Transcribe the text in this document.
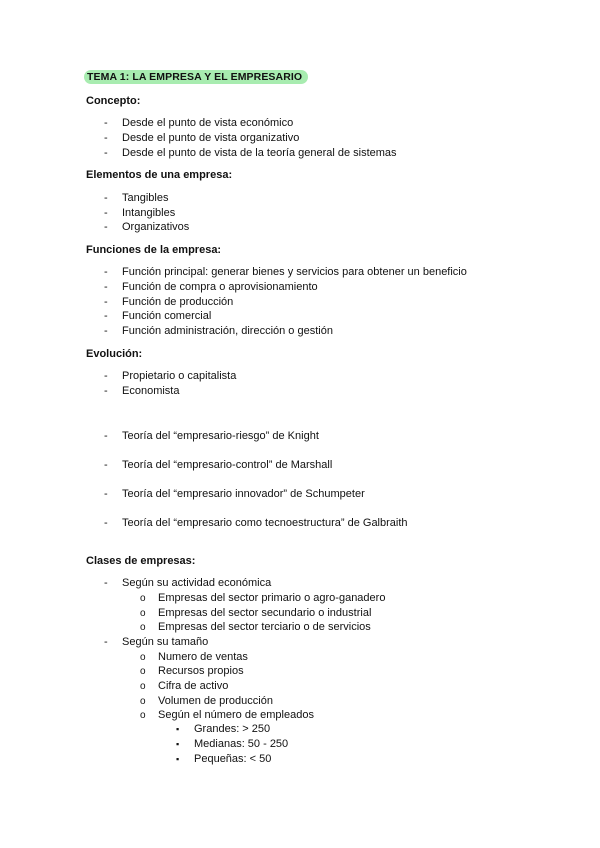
TEMA 1: LA EMPRESA Y EL EMPRESARIO
Concepto:
- Desde el punto de vista económico
- Desde el punto de vista organizativo
- Desde el punto de vista de la teoría general de sistemas
Elementos de una empresa:
- Tangibles
- Intangibles
- Organizativos
Funciones de la empresa:
- Función principal: generar bienes y servicios para obtener un beneficio
- Función de compra o aprovisionamiento
- Función de producción
- Función comercial
- Función administración, dirección o gestión
Evolución:
- Propietario o capitalista
- Economista
- Teoría del “empresario-riesgo” de Knight
- Teoría del “empresario-control” de Marshall
- Teoría del “empresario innovador” de Schumpeter
- Teoría del “empresario como tecnoestructura” de Galbraith
Clases de empresas:
- Según su actividad económica
o Empresas del sector primario o agro-ganadero
o Empresas del sector secundario o industrial
o Empresas del sector terciario o de servicios
- Según su tamaño
o Numero de ventas
o Recursos propios
o Cifra de activo
o Volumen de producción
o Según el número de empleados
▪ Grandes: > 250
▪ Medianas: 50 - 250
▪ Pequeñas: < 50
